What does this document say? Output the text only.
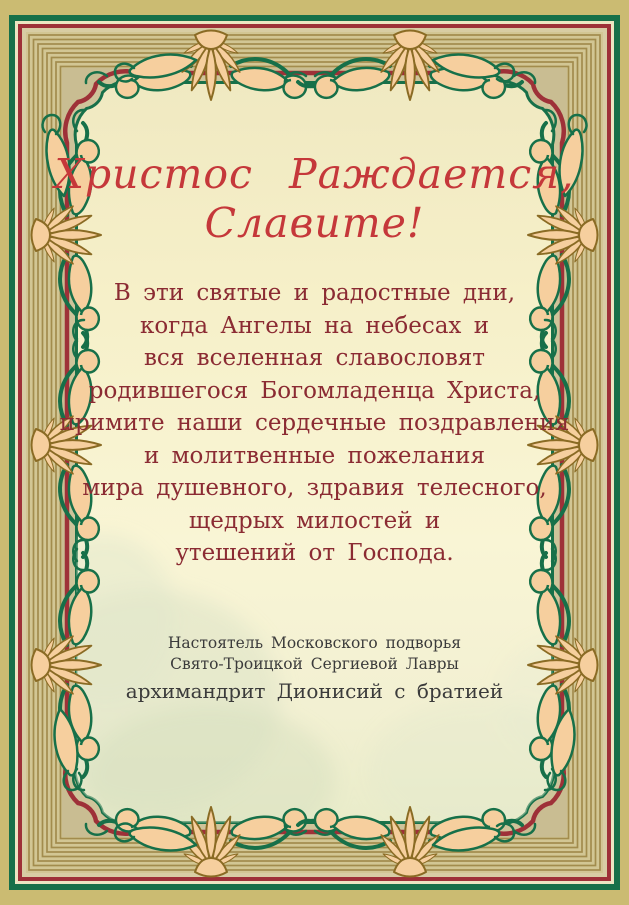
Христос Раждается,
Славите!
В эти святые и радостные дни,
когда Ангелы на небесах и
вся вселенная славословят
родившегося Богомладенца Христа,
примите наши сердечные поздравления
и молитвенные пожелания
мира душевного, здравия телесного,
щедрых милостей и
утешений от Господа.
Настоятель Московского подворья
Свято-Троицкой Сергиевой Лавры
архимандрит Дионисий с братией
